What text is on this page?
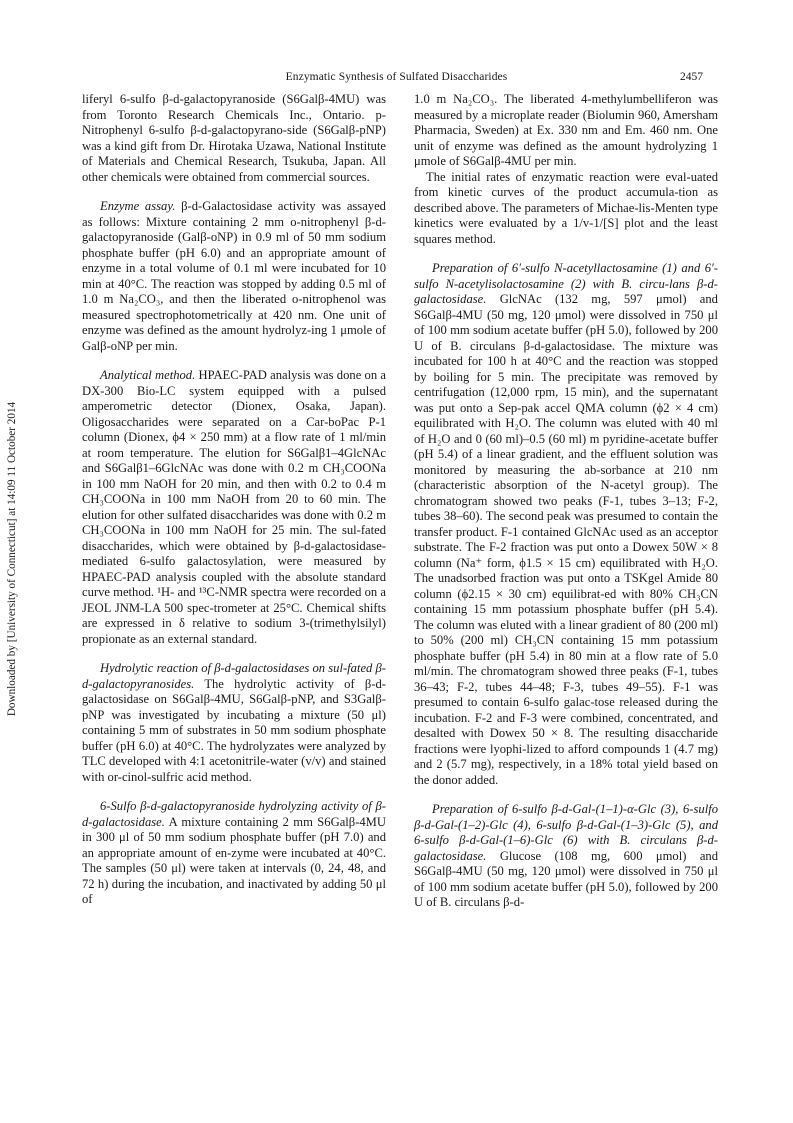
Enzymatic Synthesis of Sulfated Disaccharides	2457
Downloaded by [University of Connecticut] at 14:09 11 October 2014

liferyl 6-sulfo β-d-galactopyranoside (S6Galβ-4MU) was from Toronto Research Chemicals Inc., Ontario. p-Nitrophenyl 6-sulfo β-d-galactopyrano-side (S6Galβ-pNP) was a kind gift from Dr. Hirotaka Uzawa, National Institute of Materials and Chemical Research, Tsukuba, Japan. All other chemicals were obtained from commercial sources.

Enzyme assay. β-d-Galactosidase activity was assayed as follows: Mixture containing 2 mm o-nitrophenyl β-d-galactopyranoside (Galβ-oNP) in 0.9 ml of 50 mm sodium phosphate buffer (pH 6.0) and an appropriate amount of enzyme in a total volume of 0.1 ml were incubated for 10 min at 40°C. The reaction was stopped by adding 0.5 ml of 1.0 m Na₂CO₃, and then the liberated o-nitrophenol was measured spectrophotometrically at 420 nm. One unit of enzyme was defined as the amount hydrolyz-ing 1 μmole of Galβ-oNP per min.

Analytical method. HPAEC-PAD analysis was done on a DX-300 Bio-LC system equipped with a pulsed amperometric detector (Dionex, Osaka, Japan). Oligosaccharides were separated on a Car-boPac P-1 column (Dionex, ϕ4 × 250 mm) at a flow rate of 1 ml/min at room temperature. The elution for S6Galβ1–4GlcNAc and S6Galβ1–6GlcNAc was done with 0.2 m CH₃COONa in 100 mm NaOH for 20 min, and then with 0.2 to 0.4 m CH₃COONa in 100 mm NaOH from 20 to 60 min. The elution for other sulfated disaccharides was done with 0.2 m CH₃COONa in 100 mm NaOH for 25 min. The sul-fated disaccharides, which were obtained by β-d-galactosidase-mediated 6-sulfo galactosylation, were measured by HPAEC-PAD analysis coupled with the absolute standard curve method. ¹H- and ¹³C-NMR spectra were recorded on a JEOL JNM-LA 500 spec-trometer at 25°C. Chemical shifts are expressed in δ relative to sodium 3-(trimethylsilyl) propionate as an external standard.

Hydrolytic reaction of β-d-galactosidases on sul-fated β-d-galactopyranosides. The hydrolytic activity of β-d-galactosidase on S6Galβ-4MU, S6Galβ-pNP, and S3Galβ-pNP was investigated by incubating a mixture (50 μl) containing 5 mm of substrates in 50 mm sodium phosphate buffer (pH 6.0) at 40°C. The hydrolyzates were analyzed by TLC developed with 4:1 acetonitrile-water (v/v) and stained with or-cinol-sulfric acid method.

6-Sulfo β-d-galactopyranoside hydrolyzing activity of β-d-galactosidase. A mixture containing 2 mm S6Galβ-4MU in 300 μl of 50 mm sodium phosphate buffer (pH 7.0) and an appropriate amount of en-zyme were incubated at 40°C. The samples (50 μl) were taken at intervals (0, 24, 48, and 72 h) during the incubation, and inactivated by adding 50 μl of

1.0 m Na₂CO₃. The liberated 4-methylumbelliferon was measured by a microplate reader (Biolumin 960, Amersham Pharmacia, Sweden) at Ex. 330 nm and Em. 460 nm. One unit of enzyme was defined as the amount hydrolyzing 1 μmole of S6Galβ-4MU per min.

The initial rates of enzymatic reaction were eval-uated from kinetic curves of the product accumula-tion as described above. The parameters of Michae-lis-Menten type kinetics were evaluated by a 1/v-1/[S] plot and the least squares method.

Preparation of 6′-sulfo N-acetyllactosamine (1) and 6′-sulfo N-acetylisolactosamine (2) with B. circu-lans β-d-galactosidase. GlcNAc (132 mg, 597 μmol) and S6Galβ-4MU (50 mg, 120 μmol) were dissolved in 750 μl of 100 mm sodium acetate buffer (pH 5.0), followed by 200 U of B. circulans β-d-galactosidase. The mixture was incubated for 100 h at 40°C and the reaction was stopped by boiling for 5 min. The precipitate was removed by centrifugation (12,000 rpm, 15 min), and the supernatant was put onto a Sep-pak accel QMA column (ϕ2 × 4 cm) equilibrated with H₂O. The column was eluted with 40 ml of H₂O and 0 (60 ml)–0.5 (60 ml) m pyridine-acetate buffer (pH 5.4) of a linear gradient, and the effluent solution was monitored by measuring the ab-sorbance at 210 nm (characteristic absorption of the N-acetyl group). The chromatogram showed two peaks (F-1, tubes 3–13; F-2, tubes 38–60). The second peak was presumed to contain the transfer product. F-1 contained GlcNAc used as an acceptor substrate. The F-2 fraction was put onto a Dowex 50W × 8 column (Na⁺ form, ϕ1.5 × 15 cm) equilibrated with H₂O. The unadsorbed fraction was put onto a TSKgel Amide 80 column (ϕ2.15 × 30 cm) equilibrat-ed with 80% CH₃CN containing 15 mm potassium phosphate buffer (pH 5.4). The column was eluted with a linear gradient of 80 (200 ml) to 50% (200 ml) CH₃CN containing 15 mm potassium phosphate buffer (pH 5.4) in 80 min at a flow rate of 5.0 ml/min. The chromatogram showed three peaks (F-1, tubes 36–43; F-2, tubes 44–48; F-3, tubes 49–55). F-1 was presumed to contain 6-sulfo galac-tose released during the incubation. F-2 and F-3 were combined, concentrated, and desalted with Dowex 50 × 8. The resulting disaccharide fractions were lyophi-lized to afford compounds 1 (4.7 mg) and 2 (5.7 mg), respectively, in a 18% total yield based on the donor added.

Preparation of 6-sulfo β-d-Gal-(1–1)-α-Glc (3), 6-sulfo β-d-Gal-(1–2)-Glc (4), 6-sulfo β-d-Gal-(1–3)-Glc (5), and 6-sulfo β-d-Gal-(1–6)-Glc (6) with B. circulans β-d-galactosidase. Glucose (108 mg, 600 μmol) and S6Galβ-4MU (50 mg, 120 μmol) were dissolved in 750 μl of 100 mm sodium acetate buffer (pH 5.0), followed by 200 U of B. circulans β-d-
